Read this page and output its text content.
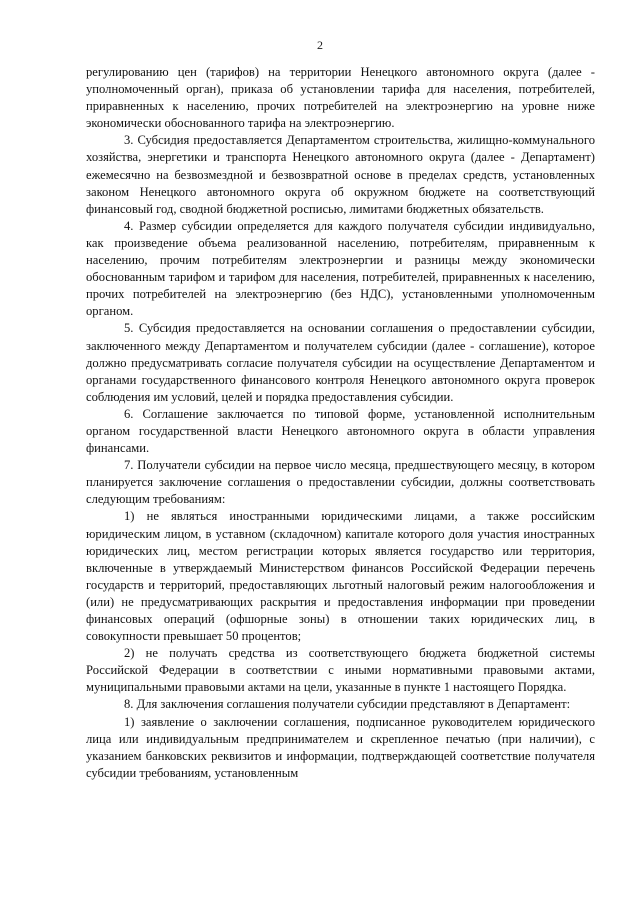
2

регулированию цен (тарифов) на территории Ненецкого автономного округа (далее - уполномоченный орган), приказа об установлении тарифа для населения, потребителей, приравненных к населению, прочих потребителей на электроэнергию на уровне ниже экономически обоснованного тарифа на электроэнергию.

3. Субсидия предоставляется Департаментом строительства, жилищно-коммунального хозяйства, энергетики и транспорта Ненецкого автономного округа (далее - Департамент) ежемесячно на безвозмездной и безвозвратной основе в пределах средств, установленных законом Ненецкого автономного округа об окружном бюджете на соответствующий финансовый год, сводной бюджетной росписью, лимитами бюджетных обязательств.

4. Размер субсидии определяется для каждого получателя субсидии индивидуально, как произведение объема реализованной населению, потребителям, приравненным к населению, прочим потребителям электроэнергии и разницы между экономически обоснованным тарифом и тарифом для населения, потребителей, приравненных к населению, прочих потребителей на электроэнергию (без НДС), установленными уполномоченным органом.

5. Субсидия предоставляется на основании соглашения о предоставлении субсидии, заключенного между Департаментом и получателем субсидии (далее - соглашение), которое должно предусматривать согласие получателя субсидии на осуществление Департаментом и органами государственного финансового контроля Ненецкого автономного округа проверок соблюдения им условий, целей и порядка предоставления субсидии.

6. Соглашение заключается по типовой форме, установленной исполнительным органом государственной власти Ненецкого автономного округа в области управления финансами.

7. Получатели субсидии на первое число месяца, предшествующего месяцу, в котором планируется заключение соглашения о предоставлении субсидии, должны соответствовать следующим требованиям:

1) не являться иностранными юридическими лицами, а также российским юридическим лицом, в уставном (складочном) капитале которого доля участия иностранных юридических лиц, местом регистрации которых является государство или территория, включенные в утверждаемый Министерством финансов Российской Федерации перечень государств и территорий, предоставляющих льготный налоговый режим налогообложения и (или) не предусматривающих раскрытия и предоставления информации при проведении финансовых операций (офшорные зоны) в отношении таких юридических лиц, в совокупности превышает 50 процентов;

2) не получать средства из соответствующего бюджета бюджетной системы Российской Федерации в соответствии с иными нормативными правовыми актами, муниципальными правовыми актами на цели, указанные в пункте 1 настоящего Порядка.

8. Для заключения соглашения получатели субсидии представляют в Департамент:

1) заявление о заключении соглашения, подписанное руководителем юридического лица или индивидуальным предпринимателем и скрепленное печатью (при наличии), с указанием банковских реквизитов и информации, подтверждающей соответствие получателя субсидии требованиям, установленным
